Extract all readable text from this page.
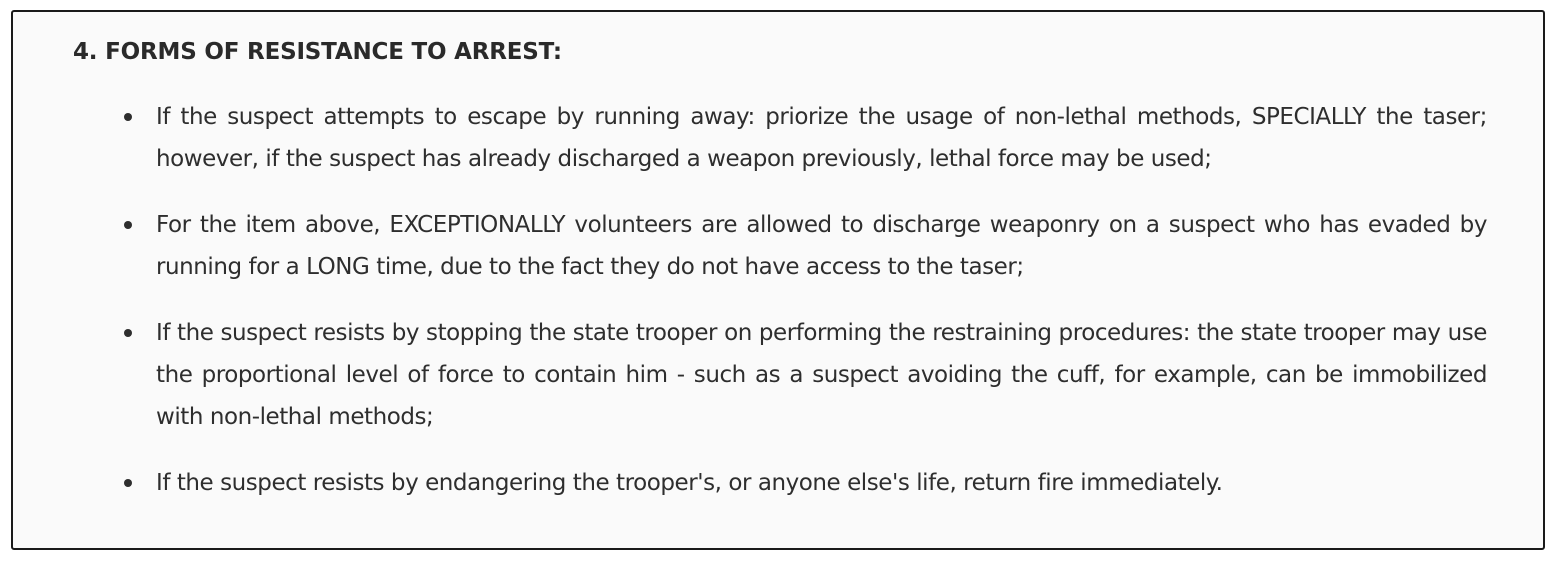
4. FORMS OF RESISTANCE TO ARREST:
If the suspect attempts to escape by running away: priorize the usage of non-lethal methods, SPECIALLY the taser; however, if the suspect has already discharged a weapon previously, lethal force may be used;
For the item above, EXCEPTIONALLY volunteers are allowed to discharge weaponry on a suspect who has evaded by running for a LONG time, due to the fact they do not have access to the taser;
If the suspect resists by stopping the state trooper on performing the restraining procedures: the state trooper may use the proportional level of force to contain him - such as a suspect avoiding the cuff, for example, can be immobilized with non-lethal methods;
If the suspect resists by endangering the trooper's, or anyone else's life, return fire immediately.
